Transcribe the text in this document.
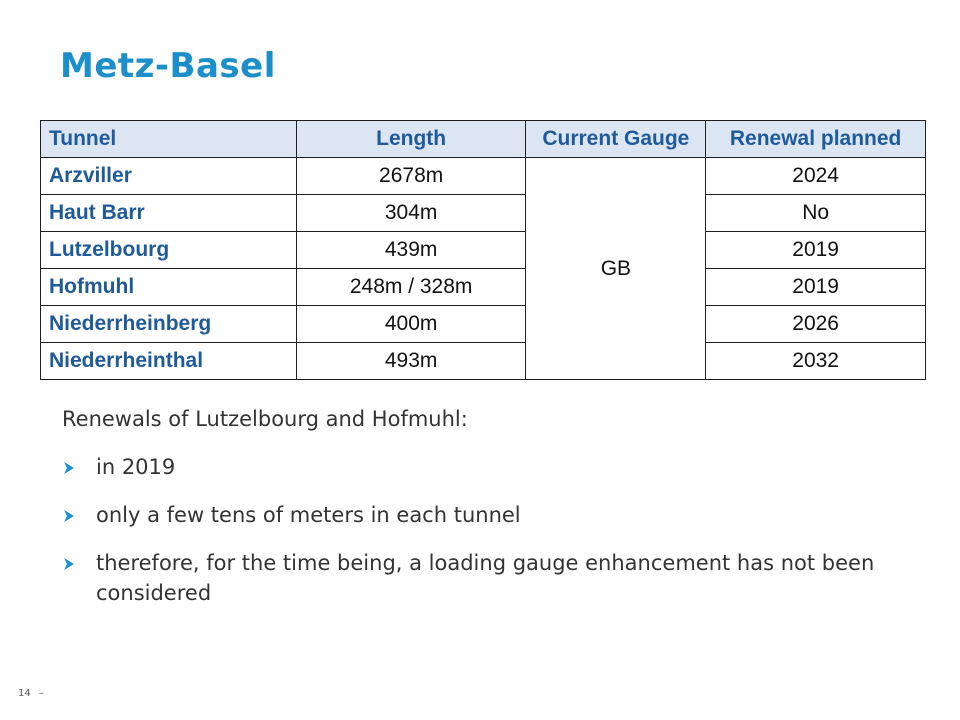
Metz-Basel
Tunnel	Length	Current Gauge	Renewal planned
Arzviller	2678m	GB	2024
Haut Barr	304m		No
Lutzelbourg	439m		2019
Hofmuhl	248m / 328m		2019
Niederrheinberg	400m		2026
Niederrheinthal	493m		2032

Renewals of Lutzelbourg and Hofmuhl:

in 2019
only a few tens of meters in each tunnel
therefore, for the time being, a loading gauge enhancement has not been considered
14 –
